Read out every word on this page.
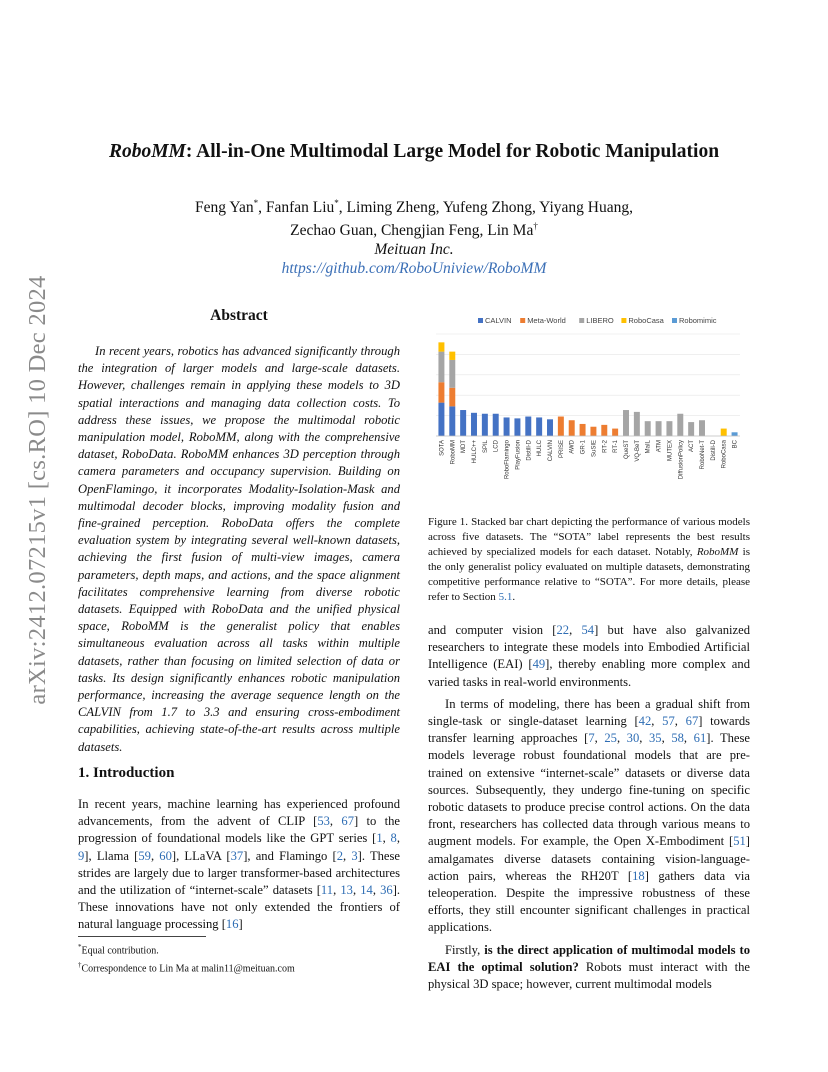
arXiv:2412.07215v1 [cs.RO] 10 Dec 2024
RoboMM: All-in-One Multimodal Large Model for Robotic Manipulation
Feng Yan*, Fanfan Liu*, Liming Zheng, Yufeng Zhong, Yiyang Huang,
Zechao Guan, Chengjian Feng, Lin Ma†
Meituan Inc.
https://github.com/RoboUniview/RoboMM
Abstract
In recent years, robotics has advanced significantly through the integration of larger models and large-scale datasets. However, challenges remain in applying these models to 3D spatial interactions and managing data collection costs. To address these issues, we propose the multimodal robotic manipulation model, RoboMM, along with the comprehensive dataset, RoboData. RoboMM enhances 3D perception through camera parameters and occupancy supervision. Building on OpenFlamingo, it incorporates Modality-Isolation-Mask and multimodal decoder blocks, improving modality fusion and fine-grained perception. RoboData offers the complete evaluation system by integrating several well-known datasets, achieving the first fusion of multi-view images, camera parameters, depth maps, and actions, and the space alignment facilitates comprehensive learning from diverse robotic datasets. Equipped with RoboData and the unified physical space, RoboMM is the generalist policy that enables simultaneous evaluation across all tasks within multiple datasets, rather than focusing on limited selection of data or tasks. Its design significantly enhances robotic manipulation performance, increasing the average sequence length on the CALVIN from 1.7 to 3.3 and ensuring cross-embodiment capabilities, achieving state-of-the-art results across multiple datasets.
1. Introduction
In recent years, machine learning has experienced profound advancements, from the advent of CLIP [53, 67] to the progression of foundational models like the GPT series [1, 8, 9], Llama [59, 60], LLaVA [37], and Flamingo [2, 3]. These strides are largely due to larger transformer-based architectures and the utilization of “internet-scale” datasets [11, 13, 14, 36]. These innovations have not only extended the frontiers of natural language processing [16]
*Equal contribution.
†Correspondence to Lin Ma at malin11@meituan.com
CALVIN Meta-World	LIBERO RoboCasa Robomimic
SOTA RoboMM MDT HULC++ SPIL LCD RoboFlamingo PlayFusion Distill-D HULC CALVIN PRISE AWD GR-1 SuSIE RT-2 RT-1 QueST VQ-BeT MaIL ATM MUTEX DiffusionPolicy ACT RoboNet-T Distill-D RoboCasa BC
Figure 1. Stacked bar chart depicting the performance of various models across five datasets. The “SOTA” label represents the best results achieved by specialized models for each dataset. Notably, RoboMM is the only generalist policy evaluated on multiple datasets, demonstrating competitive performance relative to “SOTA”. For more details, please refer to Section 5.1.

and computer vision [22, 54] but have also galvanized researchers to integrate these models into Embodied Artificial Intelligence (EAI) [49], thereby enabling more complex and varied tasks in real-world environments.

In terms of modeling, there has been a gradual shift from single-task or single-dataset learning [42, 57, 67] towards transfer learning approaches [7, 25, 30, 35, 58, 61]. These models leverage robust foundational models that are pre-trained on extensive “internet-scale” datasets or diverse data sources. Subsequently, they undergo fine-tuning on specific robotic datasets to produce precise control actions. On the data front, researchers has collected data through various means to augment models. For example, the Open X-Embodiment [51] amalgamates diverse datasets containing vision-language-action pairs, whereas the RH20T [18] gathers data via teleoperation. Despite the impressive robustness of these efforts, they still encounter significant challenges in practical applications.

Firstly, is the direct application of multimodal models to EAI the optimal solution? Robots must interact with the physical 3D space; however, current multimodal models
